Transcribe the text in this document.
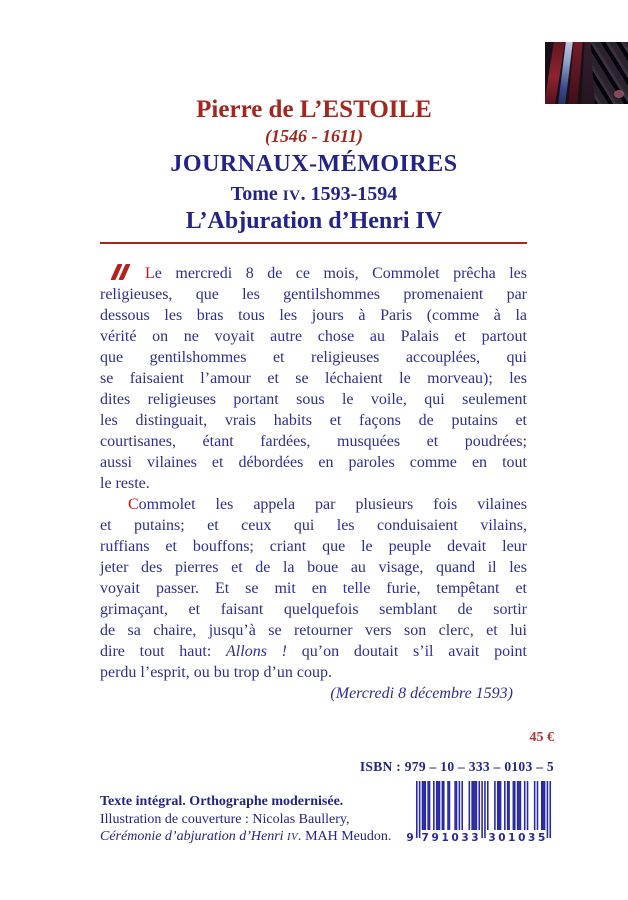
Pierre de L’ESTOILE
(1546 - 1611)
JOURNAUX-MÉMOIRES
Tome IV. 1593-1594
L’Abjuration d’Henri IV
Le mercredi 8 de ce mois, Commolet prêcha les
religieuses, que les gentilshommes promenaient par
dessous les bras tous les jours à Paris (comme à la
vérité on ne voyait autre chose au Palais et partout
que gentilshommes et religieuses accouplées, qui
se faisaient l’amour et se léchaient le morveau); les
dites religieuses portant sous le voile, qui seulement
les distinguait, vrais habits et façons de putains et
courtisanes, étant fardées, musquées et poudrées;
aussi vilaines et débordées en paroles comme en tout
le reste.
Commolet les appela par plusieurs fois vilaines
et putains; et ceux qui les conduisaient vilains,
ruffians et bouffons; criant que le peuple devait leur
jeter des pierres et de la boue au visage, quand il les
voyait passer. Et se mit en telle furie, tempêtant et
grimaçant, et faisant quelquefois semblant de sortir
de sa chaire, jusqu’à se retourner vers son clerc, et lui
dire tout haut: Allons ! qu’on doutait s’il avait point
perdu l’esprit, ou bu trop d’un coup.
(Mercredi 8 décembre 1593)
45 €
ISBN : 979 – 10 – 333 – 0103 – 5
9 7 9 1 0 3 3 3 0 1 0 3 5
Texte intégral. Orthographe modernisée.
Illustration de couverture : Nicolas Baullery,
Cérémonie d’abjuration d’Henri IV. MAH Meudon.
